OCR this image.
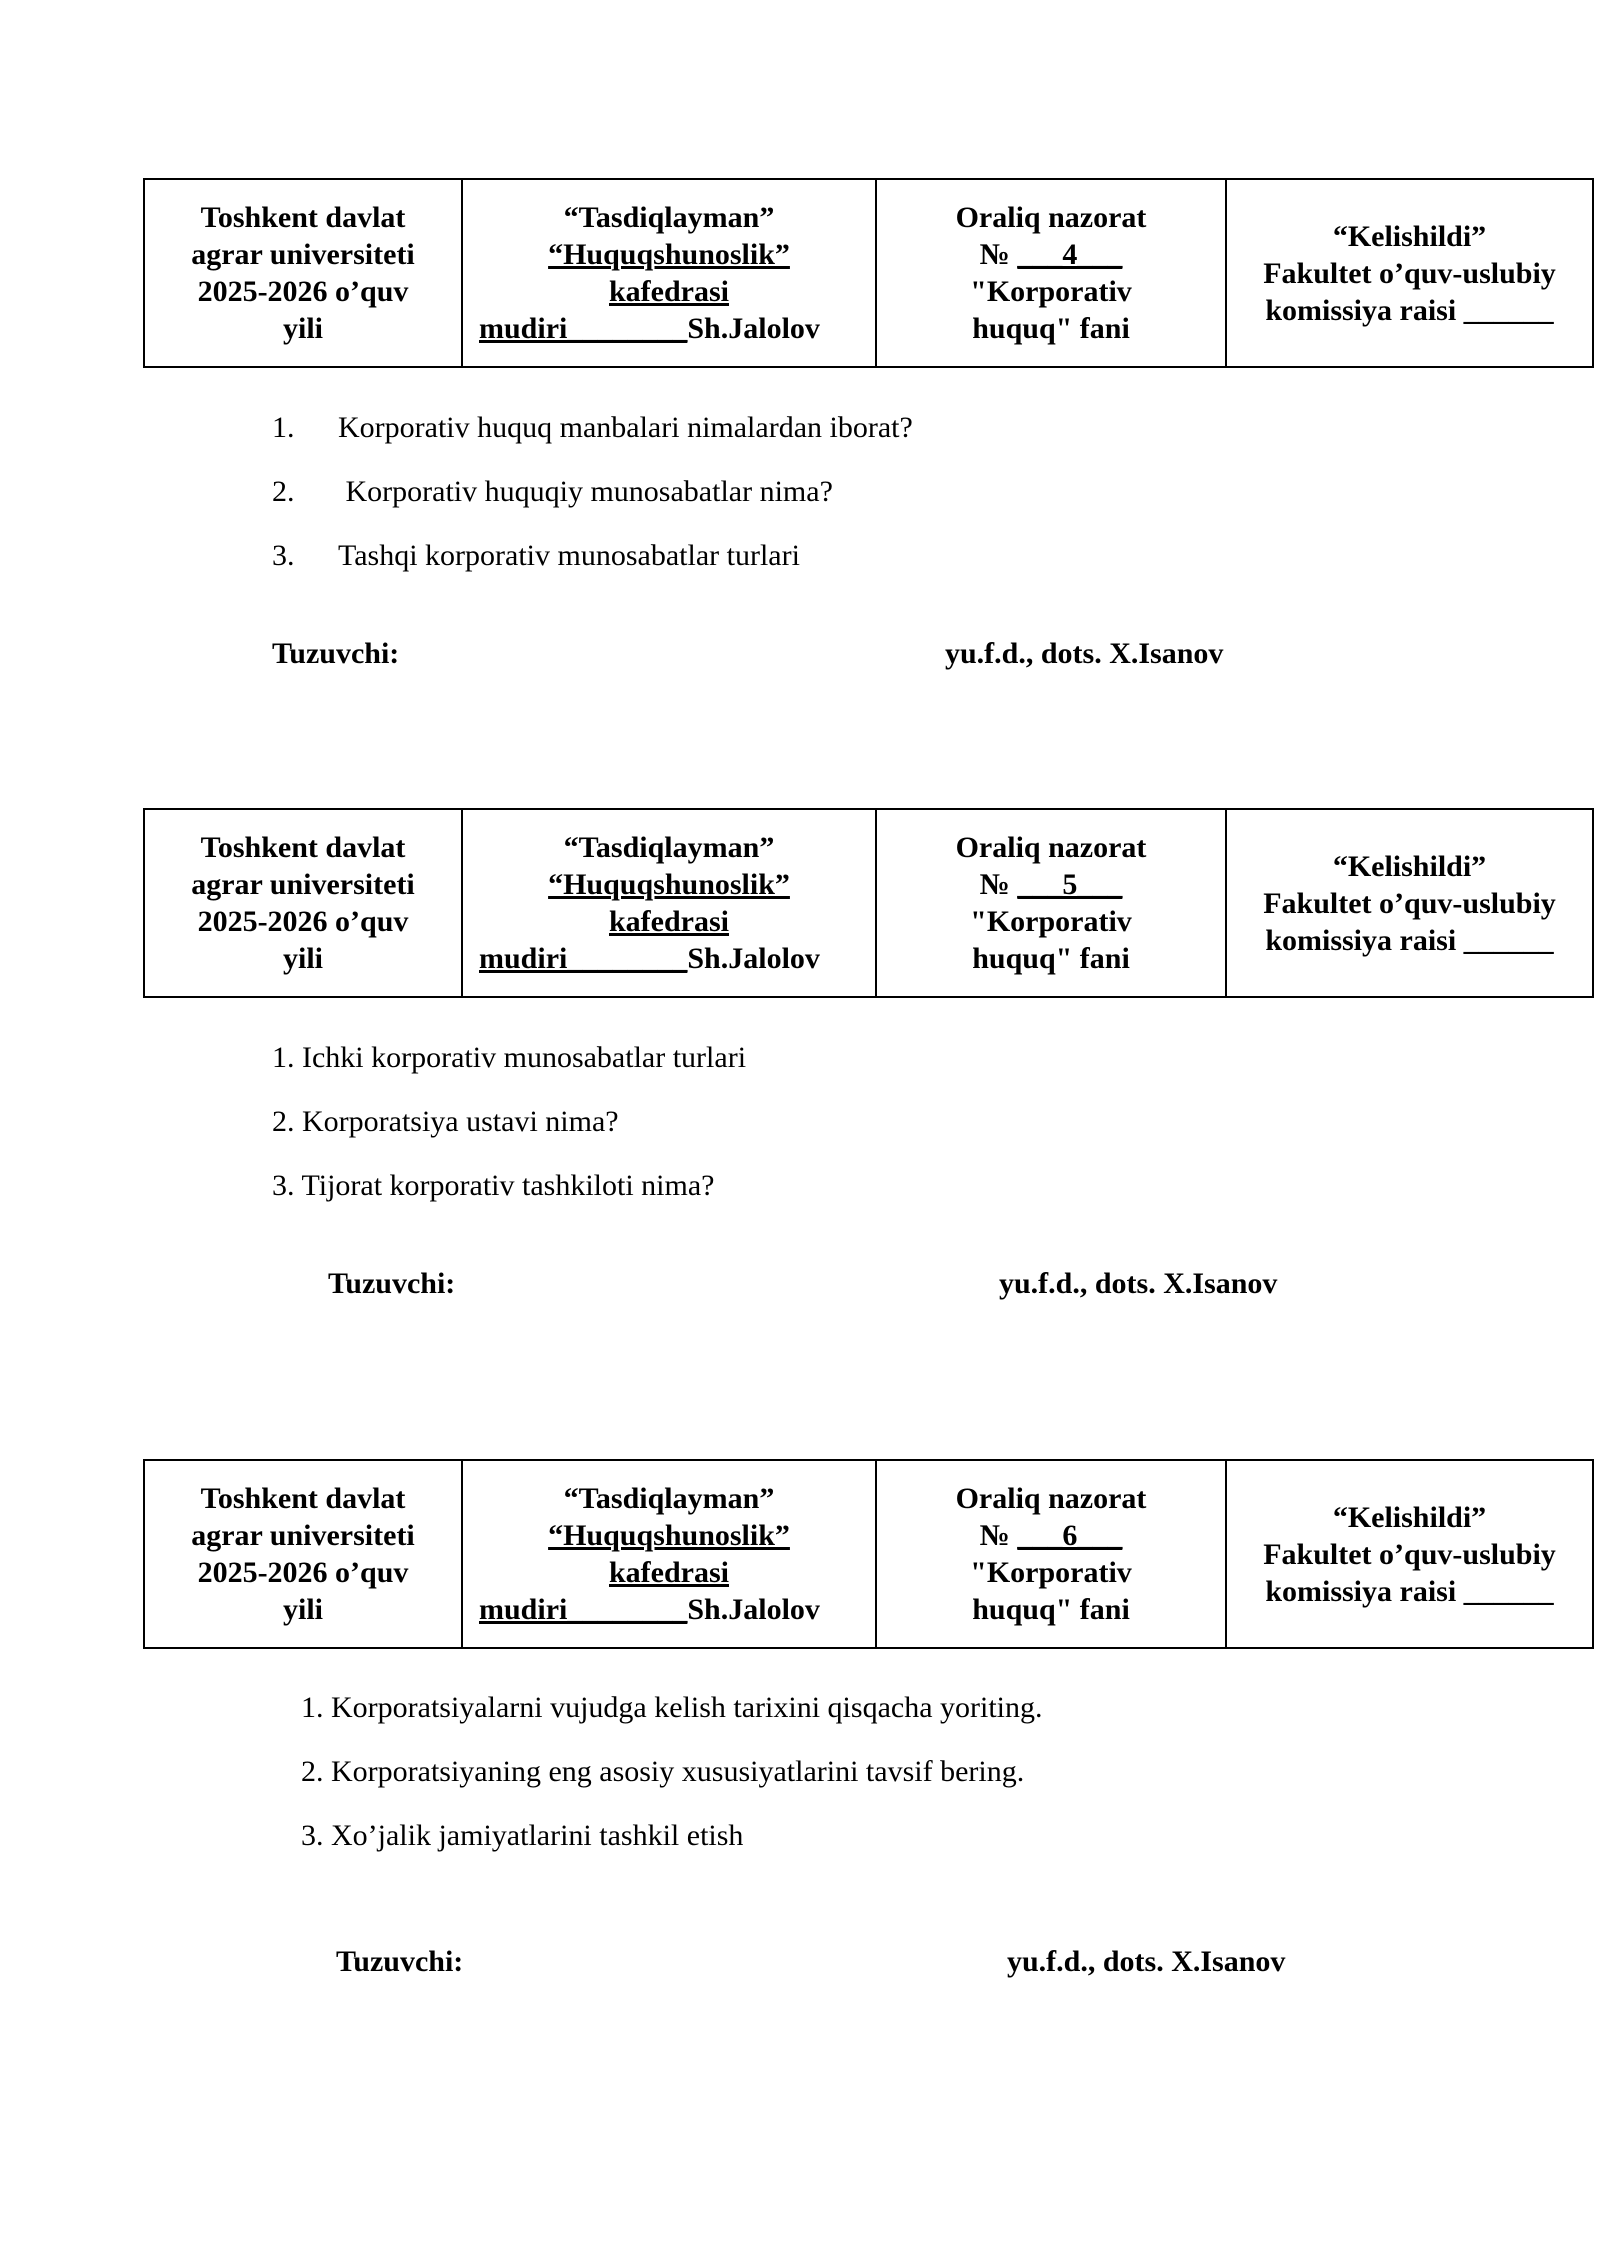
Toshkent davlat
agrar universiteti
2025-2026 o’quv
yili

“Tasdiqlayman”
“Huquqshunoslik”
kafedrasi
mudiri________Sh.Jalolov

Oraliq nazorat
№ ___4___
"Korporativ
huquq" fani

“Kelishildi”
Fakultet o’quv-uslubiy
komissiya raisi ______
1. Korporativ huquq manbalari nimalardan iborat?
2. Korporativ huquqiy munosabatlar nima?
3. Tashqi korporativ munosabatlar turlari
Tuzuvchi:	yu.f.d., dots. X.Isanov
Toshkent davlat
agrar universiteti
2025-2026 o’quv
yili

“Tasdiqlayman”
“Huquqshunoslik”
kafedrasi
mudiri________Sh.Jalolov

Oraliq nazorat
№ ___5___
"Korporativ
huquq" fani

“Kelishildi”
Fakultet o’quv-uslubiy
komissiya raisi ______
1. Ichki korporativ munosabatlar turlari
2. Korporatsiya ustavi nima?
3. Tijorat korporativ tashkiloti nima?
Tuzuvchi:	yu.f.d., dots. X.Isanov
Toshkent davlat
agrar universiteti
2025-2026 o’quv
yili

“Tasdiqlayman”
“Huquqshunoslik”
kafedrasi
mudiri________Sh.Jalolov

Oraliq nazorat
№ ___6___
"Korporativ
huquq" fani

“Kelishildi”
Fakultet o’quv-uslubiy
komissiya raisi ______
1. Korporatsiyalarni vujudga kelish tarixini qisqacha yoriting.
2. Korporatsiyaning eng asosiy xususiyatlarini tavsif bering.
3. Xo’jalik jamiyatlarini tashkil etish
Tuzuvchi:	yu.f.d., dots. X.Isanov
